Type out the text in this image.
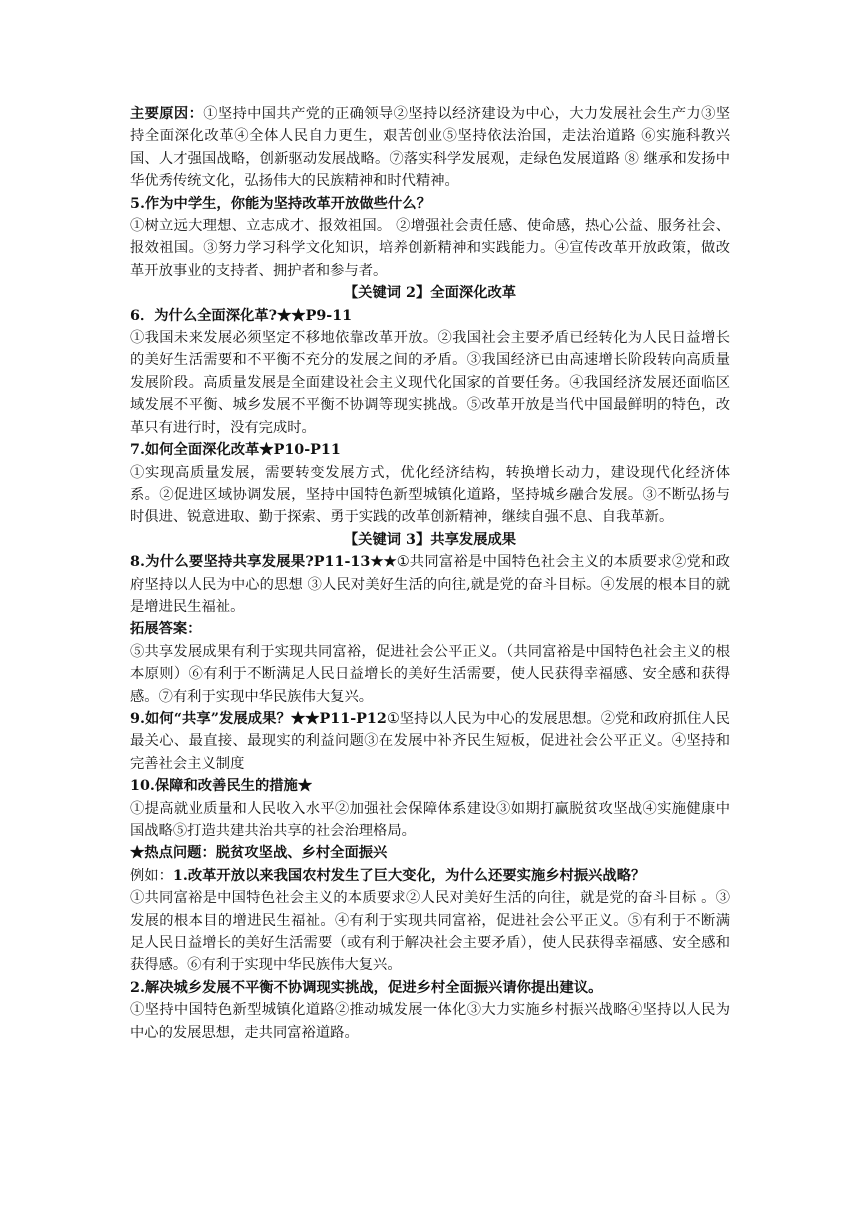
主要原因：①坚持中国共产党的正确领导②坚持以经济建设为中心，大力发展社会生产力③坚持全面深化改革④全体人民自力更生，艰苦创业⑤坚持依法治国，走法治道路 ⑥实施科教兴国、人才强国战略，创新驱动发展战略。⑦落实科学发展观，走绿色发展道路 ⑧ 继承和发扬中华优秀传统文化，弘扬伟大的民族精神和时代精神。

5.作为中学生，你能为坚持改革开放做些什么？

①树立远大理想、立志成才、报效祖国。 ②增强社会责任感、使命感，热心公益、服务社会、报效祖国。③努力学习科学文化知识，培养创新精神和实践能力。④宣传改革开放政策，做改革开放事业的支持者、拥护者和参与者。

【关键词 2】全面深化改革

6．为什么全面深化革?★★P9-11

①我国未来发展必须坚定不移地依靠改革开放。②我国社会主要矛盾已经转化为人民日益增长的美好生活需要和不平衡不充分的发展之间的矛盾。③我国经济已由高速增长阶段转向高质量发展阶段。高质量发展是全面建设社会主义现代化国家的首要任务。④我国经济发展还面临区域发展不平衡、城乡发展不平衡不协调等现实挑战。⑤改革开放是当代中国最鲜明的特色，改革只有进行时，没有完成时。

7.如何全面深化改革★P10-P11

①实现高质量发展，需要转变发展方式，优化经济结构，转换增长动力，建设现代化经济体系。②促进区域协调发展，坚持中国特色新型城镇化道路，坚持城乡融合发展。③不断弘扬与时俱进、锐意进取、勤于探索、勇于实践的改革创新精神，继续自强不息、自我革新。

【关键词 3】共享发展成果

8.为什么要坚持共享发展果?P11-13★★①共同富裕是中国特色社会主义的本质要求②党和政府坚持以人民为中心的思想 ③人民对美好生活的向往,就是党的奋斗目标。④发展的根本目的就是增进民生福祉。

拓展答案：

⑤共享发展成果有利于实现共同富裕，促进社会公平正义。（共同富裕是中国特色社会主义的根本原则）⑥有利于不断满足人民日益增长的美好生活需要，使人民获得幸福感、安全感和获得感。⑦有利于实现中华民族伟大复兴。

9.如何“共享”发展成果？★★P11-P12①坚持以人民为中心的发展思想。②党和政府抓住人民最关心、最直接、最现实的利益问题③在发展中补齐民生短板，促进社会公平正义。④坚持和完善社会主义制度

10.保障和改善民生的措施★

①提高就业质量和人民收入水平②加强社会保障体系建设③如期打赢脱贫攻坚战④实施健康中国战略⑤打造共建共治共享的社会治理格局。

★热点问题：脱贫攻坚战、乡村全面振兴

例如：1.改革开放以来我国农村发生了巨大变化，为什么还要实施乡村振兴战略？

①共同富裕是中国特色社会主义的本质要求②人民对美好生活的向往，就是党的奋斗目标 。③发展的根本目的增进民生福祉。④有利于实现共同富裕，促进社会公平正义。⑤有利于不断满足人民日益增长的美好生活需要（或有利于解决社会主要矛盾），使人民获得幸福感、安全感和获得感。⑥有利于实现中华民族伟大复兴。

2.解决城乡发展不平衡不协调现实挑战，促进乡村全面振兴请你提出建议。

①坚持中国特色新型城镇化道路②推动城发展一体化③大力实施乡村振兴战略④坚持以人民为中心的发展思想，走共同富裕道路。
